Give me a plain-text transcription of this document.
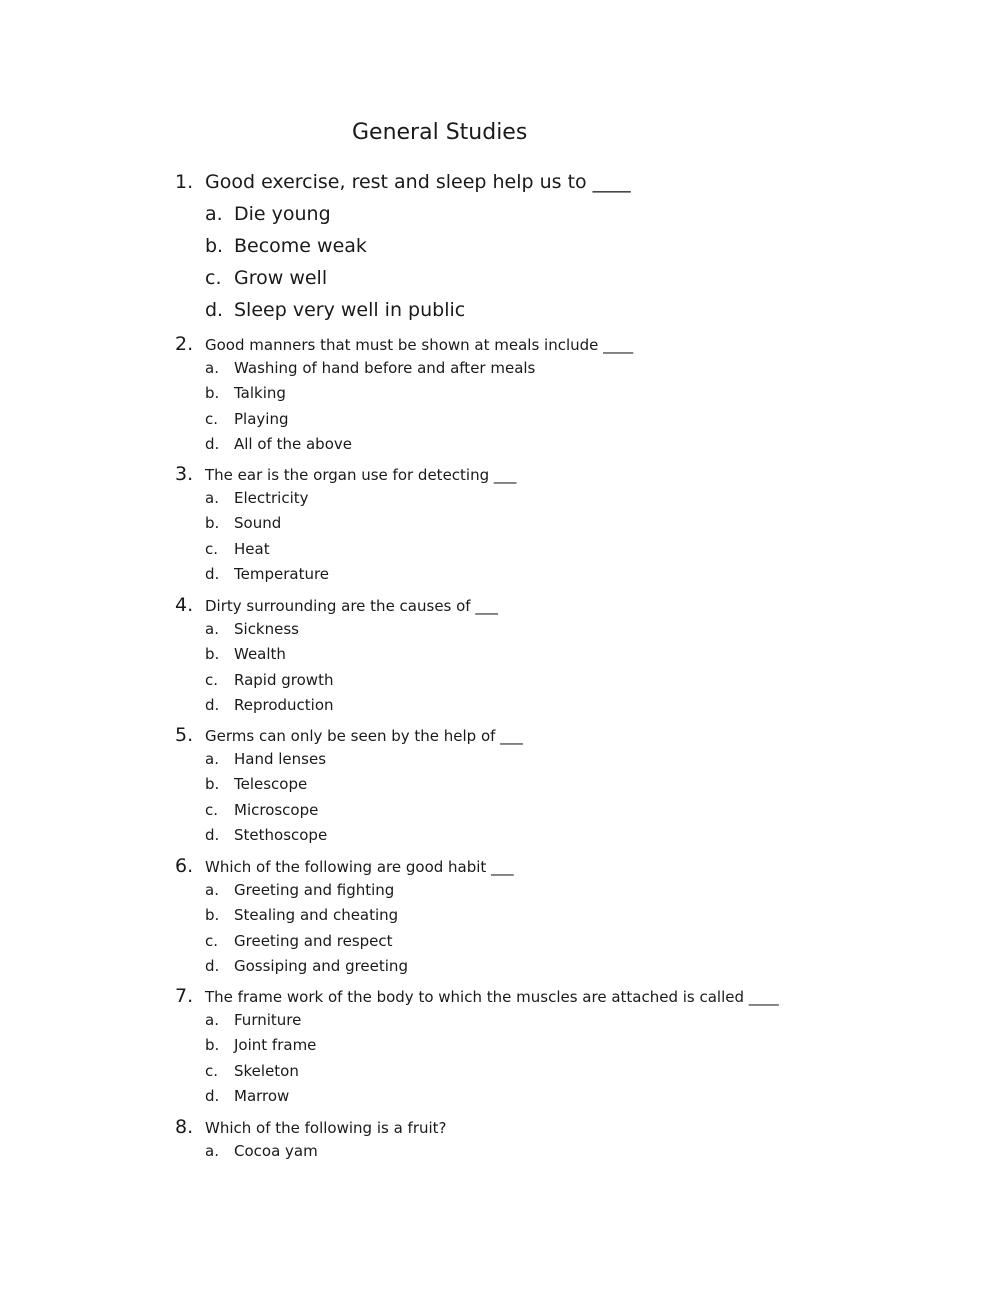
General Studies
1. Good exercise, rest and sleep help us to ____
a. Die young
b. Become weak
c. Grow well
d. Sleep very well in public
2. Good manners that must be shown at meals include ____
a.	Washing of hand before and after meals
b. Talking
c.	Playing
d. All of the above
3. The ear is the organ use for detecting ___
a.	Electricity
b. Sound
c.	Heat
d. Temperature
4. Dirty surrounding are the causes of ___
a.	Sickness
b. Wealth
c.	Rapid growth
d. Reproduction
5. Germs can only be seen by the help of ___
a.	Hand lenses
b. Telescope
c.	Microscope
d. Stethoscope
6. Which of the following are good habit ___
a.	Greeting and fighting
b. Stealing and cheating
c.	Greeting and respect
d. Gossiping and greeting
7. The frame work of the body to which the muscles are attached is called ____
a.	Furniture
b. Joint frame
c.	Skeleton
d. Marrow
8. Which of the following is a fruit?
a.	Cocoa yam
